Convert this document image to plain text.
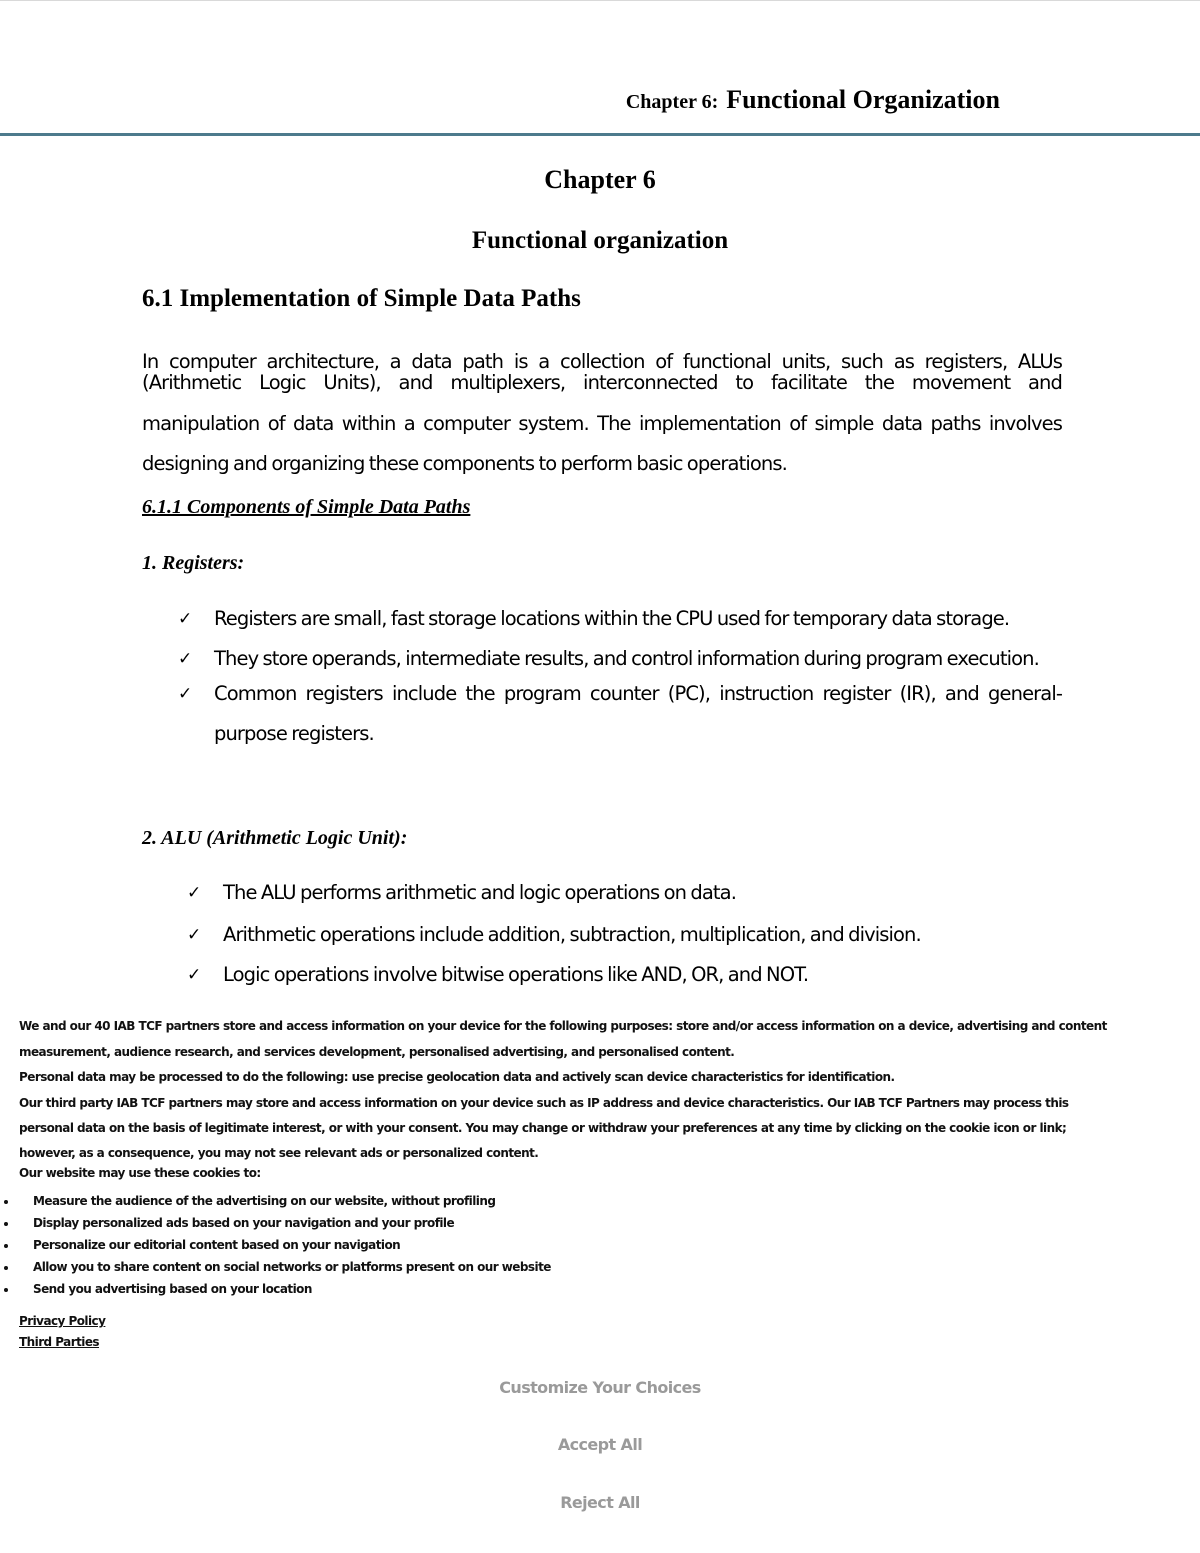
Chapter 6: Functional Organization
Chapter 6
Functional organization
6.1 Implementation of Simple Data Paths
In computer architecture, a data path is a collection of functional units, such as registers, ALUs
(Arithmetic Logic Units), and multiplexers, interconnected to facilitate the movement and
manipulation of data within a computer system. The implementation of simple data paths involves
designing and organizing these components to perform basic operations.
6.1.1 Components of Simple Data Paths
1. Registers:
✓ Registers are small, fast storage locations within the CPU used for temporary data storage.
✓ They store operands, intermediate results, and control information during program execution.
✓ Common registers include the program counter (PC), instruction register (IR), and general-purpose registers.
2. ALU (Arithmetic Logic Unit):
✓ The ALU performs arithmetic and logic operations on data.
✓ Arithmetic operations include addition, subtraction, multiplication, and division.
✓ Logic operations involve bitwise operations like AND, OR, and NOT.
We and our 40 IAB TCF partners store and access information on your device for the following purposes: store and/or access information on a device, advertising and content
measurement, audience research, and services development, personalised advertising, and personalised content.
Personal data may be processed to do the following: use precise geolocation data and actively scan device characteristics for identification.
Our third party IAB TCF partners may store and access information on your device such as IP address and device characteristics. Our IAB TCF Partners may process this
personal data on the basis of legitimate interest, or with your consent. You may change or withdraw your preferences at any time by clicking on the cookie icon or link;
however, as a consequence, you may not see relevant ads or personalized content.
Our website may use these cookies to:
Measure the audience of the advertising on our website, without profiling
Display personalized ads based on your navigation and your profile
Personalize our editorial content based on your navigation
Allow you to share content on social networks or platforms present on our website
Send you advertising based on your location
Privacy Policy
Third Parties
Customize Your Choices
Accept All
Reject All
